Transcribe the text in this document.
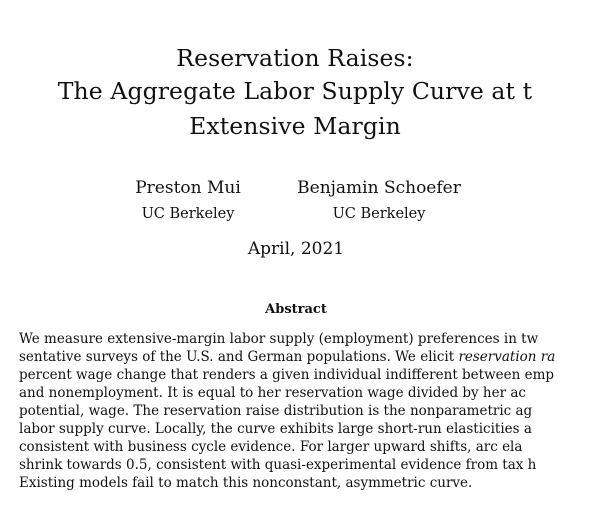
Reservation Raises:
The Aggregate Labor Supply Curve at t
Extensive Margin
Preston Mui
UC Berkeley
Benjamin Schoefer
UC Berkeley
April, 2021
Abstract
We measure extensive-margin labor supply (employment) preferences in tw
sentative surveys of the U.S. and German populations. We elicit reservation ra
percent wage change that renders a given individual indifferent between emp
and nonemployment. It is equal to her reservation wage divided by her ac
potential, wage. The reservation raise distribution is the nonparametric ag
labor supply curve. Locally, the curve exhibits large short-run elasticities a
consistent with business cycle evidence. For larger upward shifts, arc ela
shrink towards 0.5, consistent with quasi-experimental evidence from tax h
Existing models fail to match this nonconstant, asymmetric curve.
